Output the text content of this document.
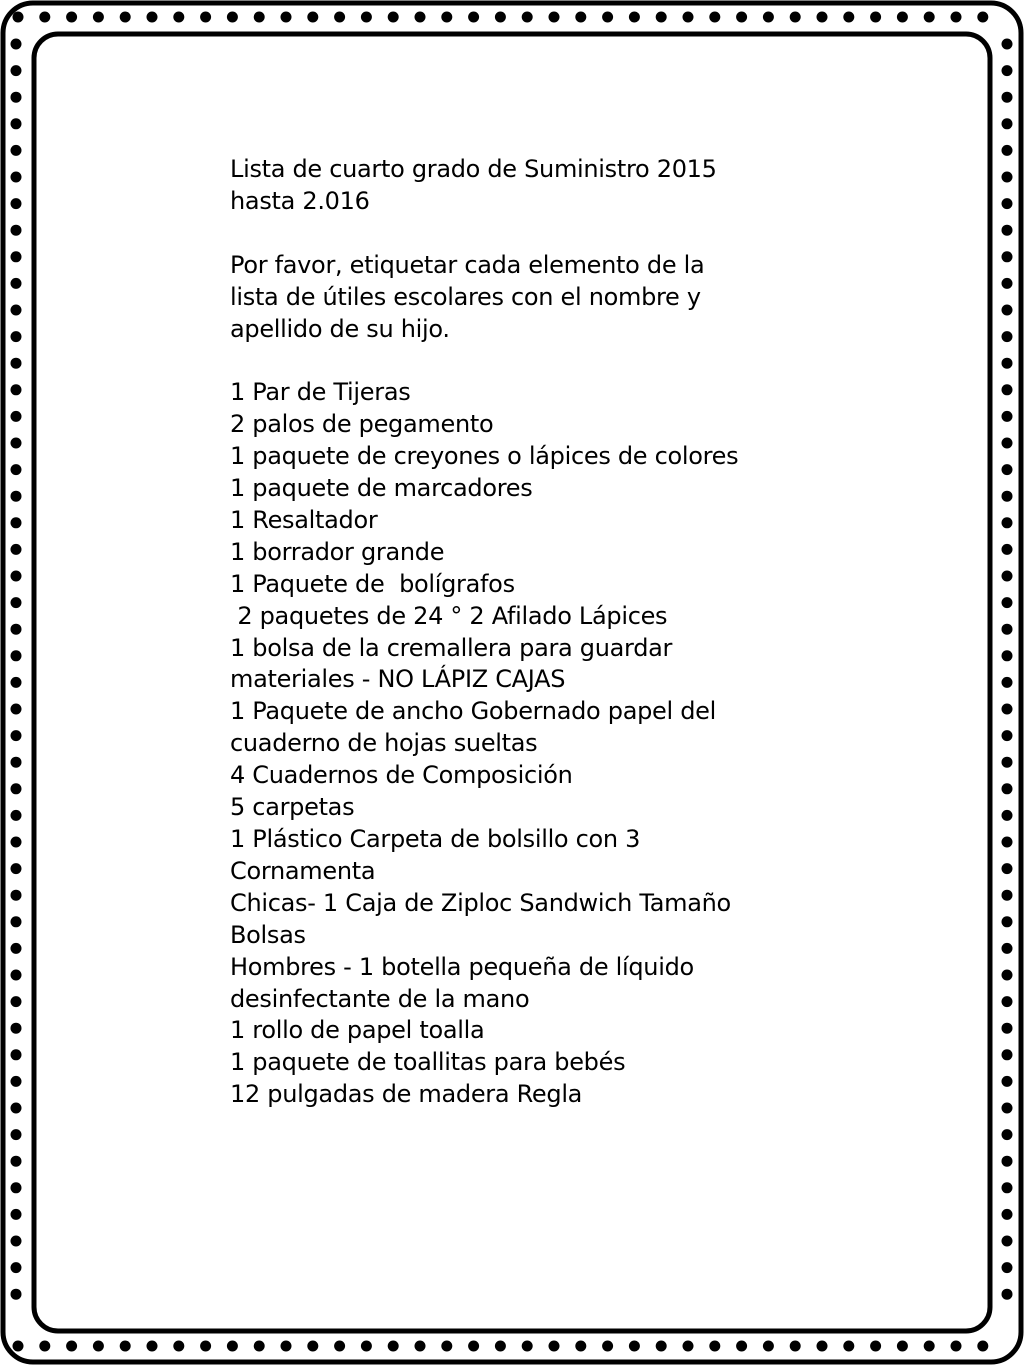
Lista de cuarto grado de Suministro 2015
hasta 2.016
Por favor, etiquetar cada elemento de la
lista de útiles escolares con el nombre y
apellido de su hijo.
1 Par de Tijeras
2 palos de pegamento
1 paquete de creyones o lápices de colores
1 paquete de marcadores
1 Resaltador
1 borrador grande
1 Paquete de  bolígrafos
2 paquetes de 24 ° 2 Afilado Lápices
1 bolsa de la cremallera para guardar
materiales - NO LÁPIZ CAJAS
1 Paquete de ancho Gobernado papel del
cuaderno de hojas sueltas
4 Cuadernos de Composición
5 carpetas
1 Plástico Carpeta de bolsillo con 3
Cornamenta
Chicas- 1 Caja de Ziploc Sandwich Tamaño
Bolsas
Hombres - 1 botella pequeña de líquido
desinfectante de la mano
1 rollo de papel toalla
1 paquete de toallitas para bebés
12 pulgadas de madera Regla
